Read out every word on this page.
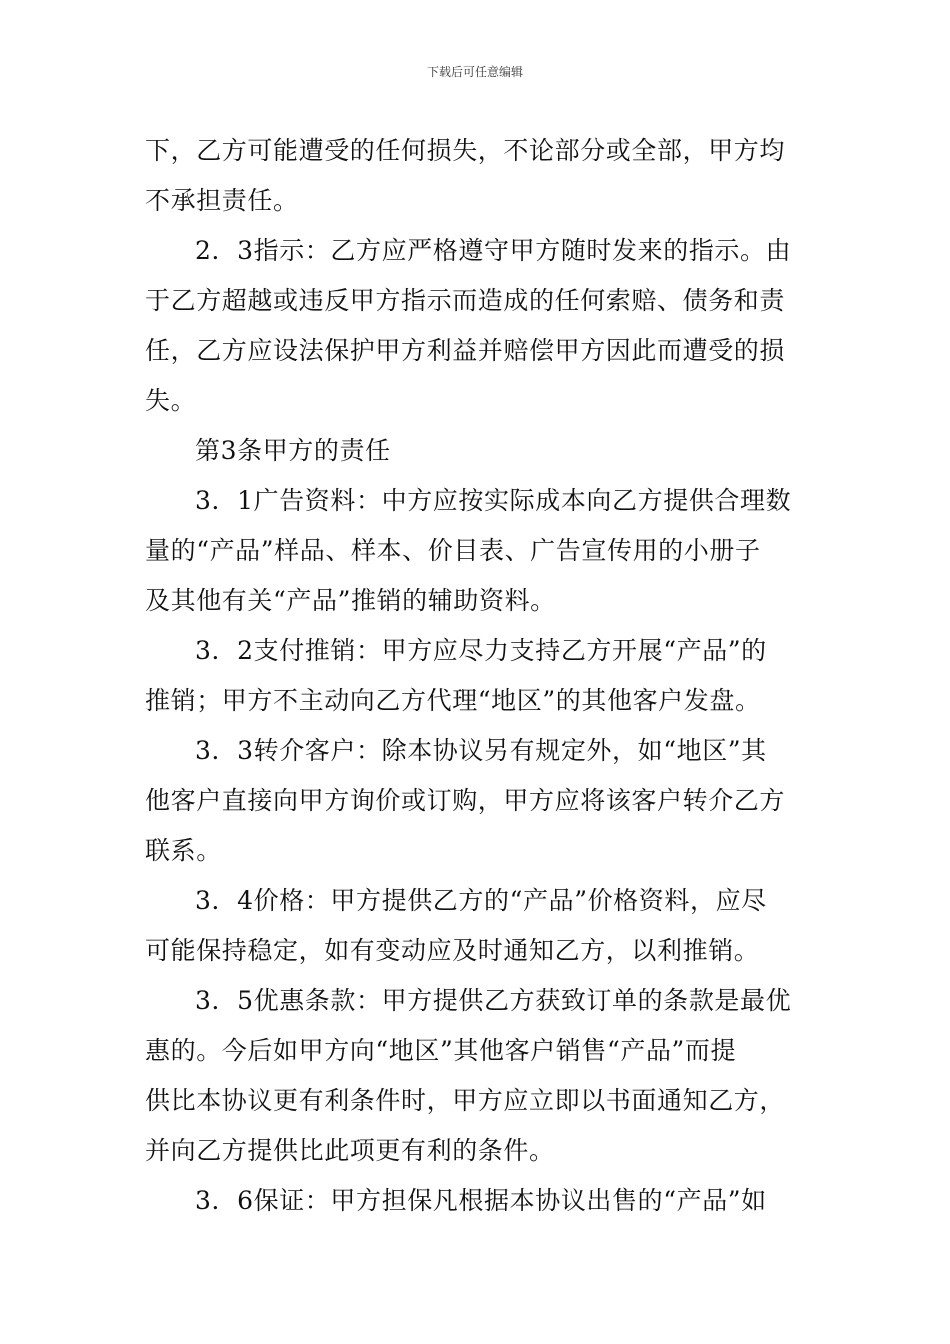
下载后可任意编辑
下，乙方可能遭受的任何损失，不论部分或全部，甲方均
不承担责任。
2．3指示：乙方应严格遵守甲方随时发来的指示。由
于乙方超越或违反甲方指示而造成的任何索赔、债务和责
任，乙方应设法保护甲方利益并赔偿甲方因此而遭受的损
失。
第3条甲方的责任
3．1广告资料：中方应按实际成本向乙方提供合理数
量的“产品”样品、样本、价目表、广告宣传用的小册子
及其他有关“产品”推销的辅助资料。
3．2支付推销：甲方应尽力支持乙方开展“产品”的
推销；甲方不主动向乙方代理“地区”的其他客户发盘。
3．3转介客户：除本协议另有规定外，如“地区”其
他客户直接向甲方询价或订购，甲方应将该客户转介乙方
联系。
3．4价格：甲方提供乙方的“产品”价格资料，应尽
可能保持稳定，如有变动应及时通知乙方，以利推销。
3．5优惠条款：甲方提供乙方获致订单的条款是最优
惠的。今后如甲方向“地区”其他客户销售“产品”而提
供比本协议更有利条件时，甲方应立即以书面通知乙方，
并向乙方提供比此项更有利的条件。
3．6保证：甲方担保凡根据本协议出售的“产品”如
